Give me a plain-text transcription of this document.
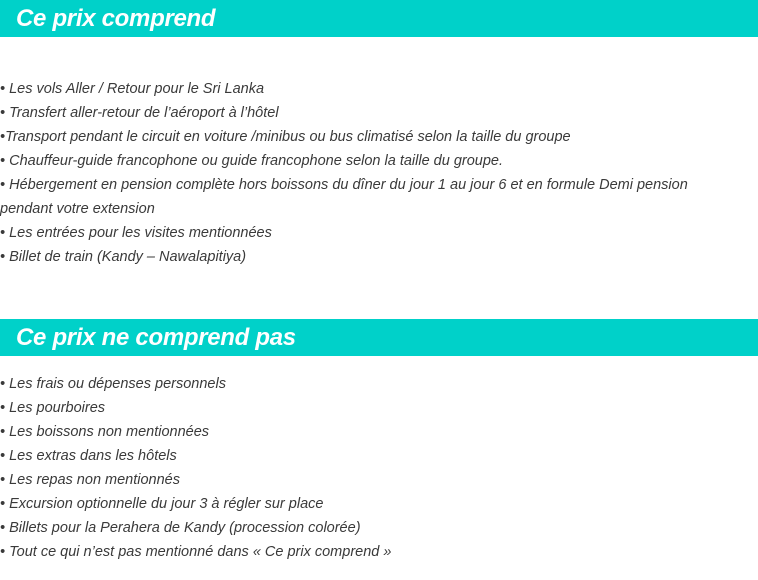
Ce prix comprend
• Les vols Aller / Retour pour le Sri Lanka
• Transfert aller-retour de l’aéroport à l’hôtel
•Transport pendant le circuit en voiture /minibus ou bus climatisé selon la taille du groupe
• Chauffeur-guide francophone ou guide francophone selon la taille du groupe.
• Hébergement en pension complète hors boissons du dîner du jour 1 au jour 6 et en formule Demi pension pendant votre extension
• Les entrées pour les visites mentionnées
• Billet de train (Kandy – Nawalapitiya)
Ce prix ne comprend pas
• Les frais ou dépenses personnels
• Les pourboires
• Les boissons non mentionnées
• Les extras dans les hôtels
• Les repas non mentionnés
• Excursion optionnelle du jour 3 à régler sur place
• Billets pour la Perahera de Kandy (procession colorée)
• Tout ce qui n’est pas mentionné dans « Ce prix comprend »
